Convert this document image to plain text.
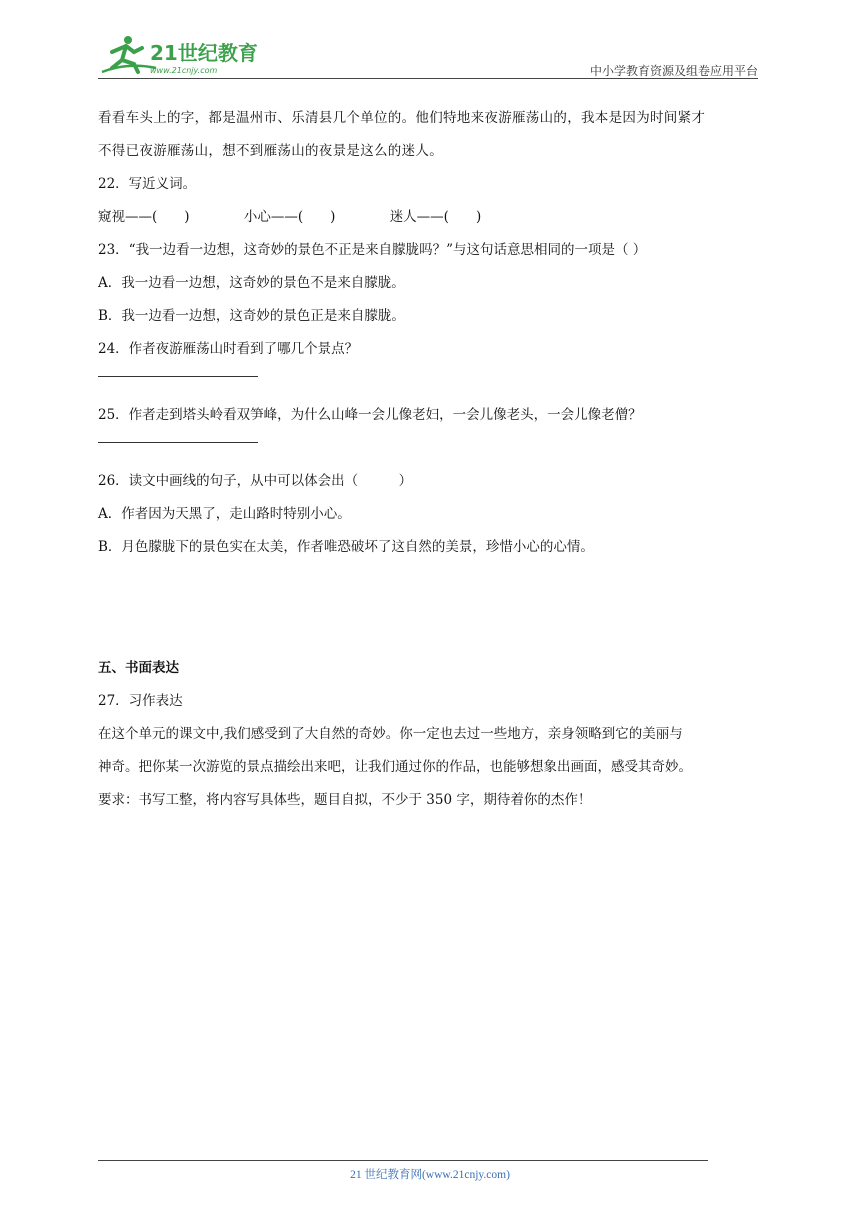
21世纪教育
www.21cnjy.com	中小学教育资源及组卷应用平台

看看车头上的字，都是温州市、乐清县几个单位的。他们特地来夜游雁荡山的，我本是因为时间紧才

不得已夜游雁荡山，想不到雁荡山的夜景是这么的迷人。

22．写近义词。

窥视——(　　)	小心——(　　)	迷人——(　　)

23．“我一边看一边想，这奇妙的景色不正是来自朦胧吗？”与这句话意思相同的一项是（ ）

A．我一边看一边想，这奇妙的景色不是来自朦胧。

B．我一边看一边想，这奇妙的景色正是来自朦胧。

24．作者夜游雁荡山时看到了哪几个景点？

25．作者走到塔头岭看双笋峰，为什么山峰一会儿像老妇，一会儿像老头，一会儿像老僧？

26．读文中画线的句子，从中可以体会出（　　　）

A．作者因为天黑了，走山路时特别小心。

B．月色朦胧下的景色实在太美，作者唯恐破坏了这自然的美景，珍惜小心的心情。

五、书面表达

27．习作表达

在这个单元的课文中,我们感受到了大自然的奇妙。你一定也去过一些地方，亲身领略到它的美丽与

神奇。把你某一次游览的景点描绘出来吧，让我们通过你的作品，也能够想象出画面，感受其奇妙。

要求：书写工整，将内容写具体些，题目自拟，不少于 350 字，期待着你的杰作！

21 世纪教育网(www.21cnjy.com)
